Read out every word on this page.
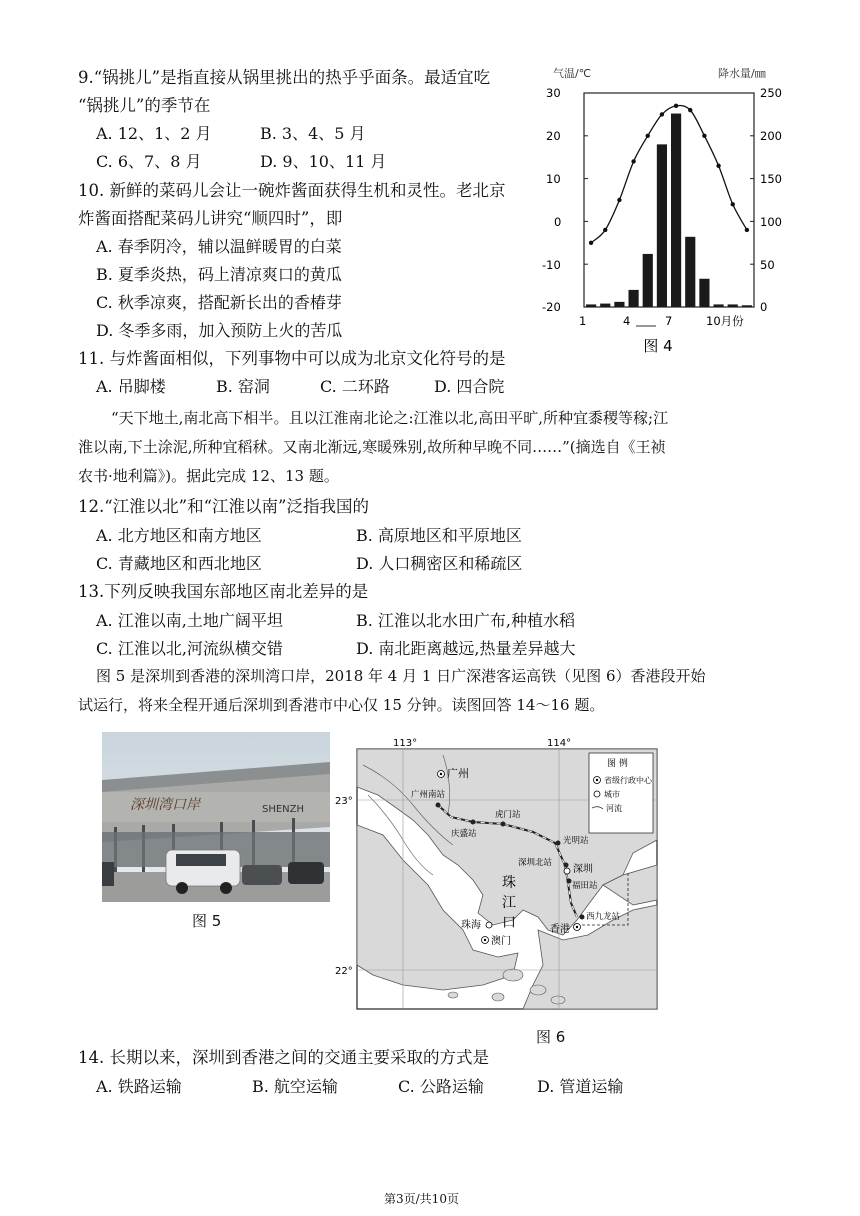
9.“锅挑儿”是指直接从锅里挑出的热乎乎面条。最适宜吃
“锅挑儿”的季节在
A. 12、1、2 月	B. 3、4、5 月
C. 6、7、8 月	D. 9、10、11 月
10. 新鲜的菜码儿会让一碗炸酱面获得生机和灵性。老北京
炸酱面搭配菜码儿讲究“顺四时”，即
A. 春季阴冷，辅以温鲜暖胃的白菜
B. 夏季炎热，码上清凉爽口的黄瓜
C. 秋季凉爽，搭配新长出的香椿芽
D. 冬季多雨，加入预防上火的苦瓜
11. 与炸酱面相似，下列事物中可以成为北京文化符号的是
A. 吊脚楼	B. 窑洞	C. 二环路	D. 四合院
气温/℃	降水量/㎜
30
20
10
0
-10
-20
250
200
150
100
50
0
1	4	7	10月份
图 4
“天下地土,南北高下相半。且以江淮南北论之:江淮以北,高田平旷,所种宜黍稷等稼;江
淮以南,下土涂泥,所种宜稻秫。又南北渐远,寒暖殊别,故所种早晚不同……”(摘选自《王祯
农书·地利篇》)。据此完成 12、13 题。
12.“江淮以北”和“江淮以南”泛指我国的
A. 北方地区和南方地区	B. 高原地区和平原地区
C. 青藏地区和西北地区	D. 人口稠密区和稀疏区
13.下列反映我国东部地区南北差异的是
A. 江淮以南,土地广阔平坦	B. 江淮以北水田广布,种植水稻
C. 江淮以北,河流纵横交错	D. 南北距离越远,热量差异越大
图 5 是深圳到香港的深圳湾口岸，2018 年 4 月 1 日广深港客运高铁（见图 6）香港段开始
试运行，将来全程开通后深圳到香港市中心仅 15 分钟。读图回答 14～16 题。
深圳湾口岸	SHENZH
图 5
113°	114°
23°
22°
图 例
省级行政中心
城市
河流
广州
广州南站
庆盛站
虎门站
光明站
深圳北站
深圳
福田站
珠
江
口
珠海
澳门
香港
西九龙站
图 6
14. 长期以来，深圳到香港之间的交通主要采取的方式是
A. 铁路运输	B. 航空运输	C. 公路运输	D. 管道运输
第3页/共10页
